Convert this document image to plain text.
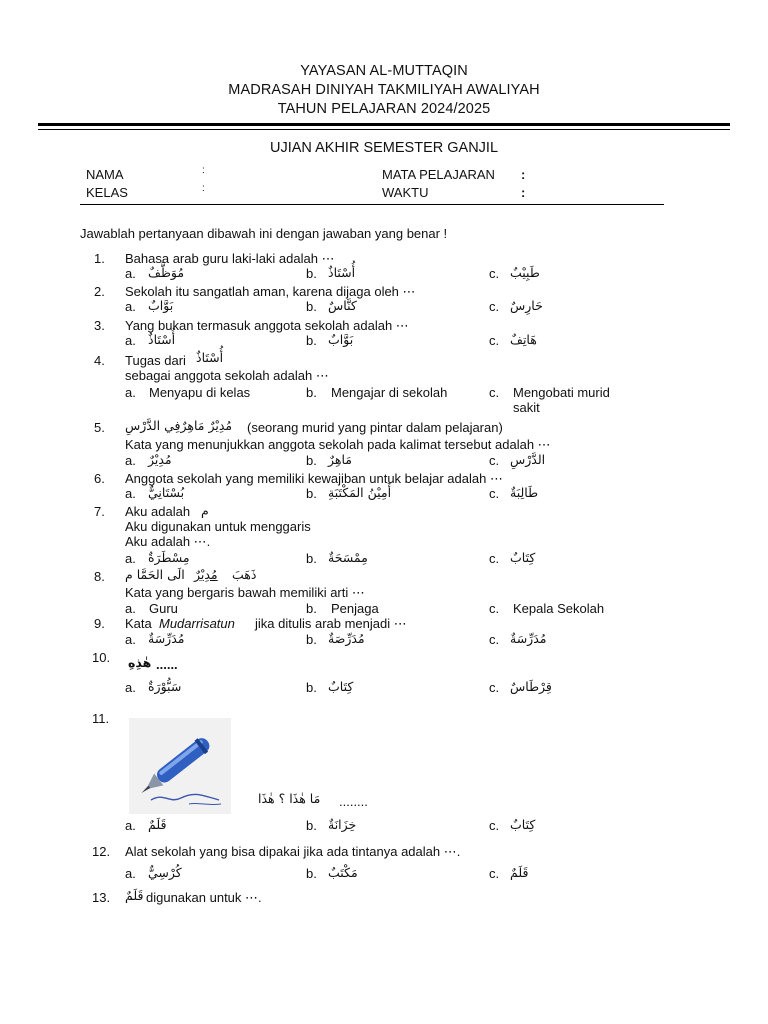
YAYASAN AL-MUTTAQIN
MADRASAH DINIYAH TAKMILIYAH AWALIYAH
TAHUN PELAJARAN 2024/2025
UJIAN AKHIR SEMESTER GANJIL
NAMA	:
KELAS	:
MATA PELAJARAN :
WAKTU	:
Jawablah pertanyaan dibawah ini dengan jawaban yang benar !
1. Bahasa arab guru laki-laki adalah ⋯
a. مُوَظَّفٌ	b. أُسْتَاذٌ	c. طَبِيْبٌ
2. Sekolah itu sangatlah aman, karena dijaga oleh ⋯
a. بَوَّابٌ	b. كنَّاسٌ	c. حَارِسٌ
3. Yang bukan termasuk anggota sekolah adalah ⋯
a. أُسْتَاذٌ	b. بَوَّابٌ	c. هَاتِفٌ
4. Tugas dari أُسْتَاذٌ
sebagai anggota sekolah adalah ⋯
a. Menyapu di kelas	b. Mengajar di sekolah	c. Mengobati murid
sakit
5. مُدِيْرٌ مَاهِرٌفِي الدَّرْسِ (seorang murid yang pintar dalam pelajaran)
Kata yang menunjukkan anggota sekolah pada kalimat tersebut adalah ⋯
a. مُدِيْرٌ	b. مَاهِرٌ	c. الدَّرْسِ
6. Anggota sekolah yang memiliki kewajiban untuk belajar adalah ⋯
a. بُسْتَانِيٌّ	b. أَمِيْنُ المَكْتَبَةِ	c. طَالِبَةٌ
7. Aku adalah م
Aku digunakan untuk menggaris
Aku adalah ⋯.
a. مِسْطَرَةٌ	b. مِمْسَحَةٌ	c. كِتَابٌ
8. الَى الحَمَّا م مُدِيْرٌ ذَهَبَ
Kata yang bergaris bawah memiliki arti ⋯
a. Guru	b. Penjaga	c. Kepala Sekolah
9. Kata Mudarrisatun jika ditulis arab menjadi ⋯
a. مُدَرِّسَةٌ	b. مُدَرِّصَةٌ	c. مُدَرِّسَةٌ
10. هٰذِهِ ......
a. سَبُّوْرَةٌ	b. كِتَابٌ	c. قِرْطَاسٌ
11.
مَا هٰذَا ؟ هٰذَا ........
a. قَلَمٌ	b. خِزَانَةٌ	c. كِتَابٌ
12. Alat sekolah yang bisa dipakai jika ada tintanya adalah ⋯.
a. كُرْسِيٌّ	b. مَكْتَبٌ	c. قَلَمٌ
13. قَلَمٌ digunakan untuk ⋯.
